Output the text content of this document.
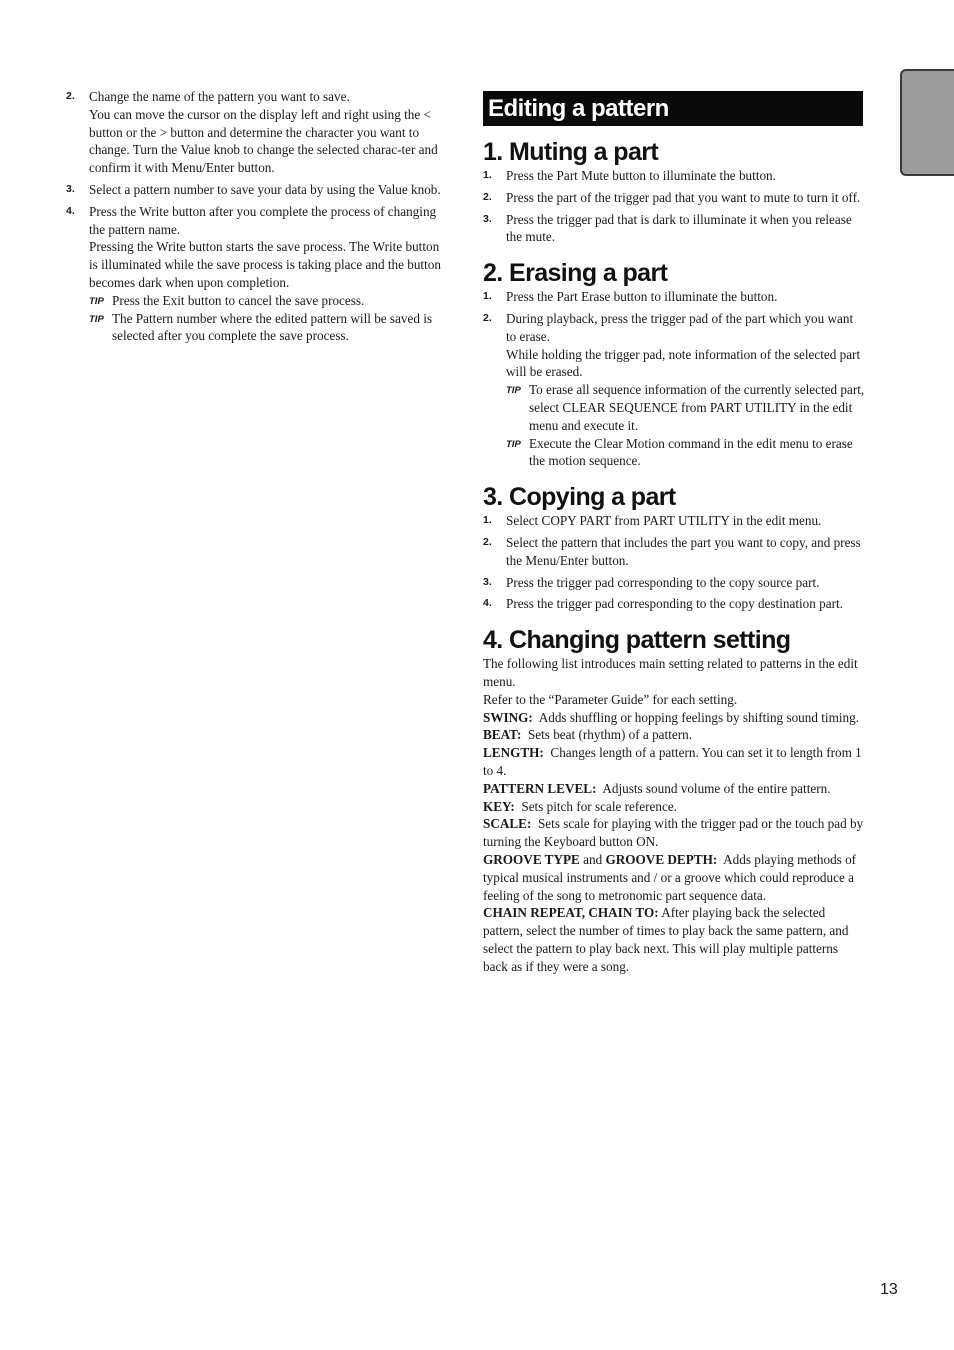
2. Change the name of the pattern you want to save.
You can move the cursor on the display left and right using the < button or the > button and determine the character you want to change. Turn the Value knob to change the selected charac-ter and confirm it with Menu/Enter button.
3. Select a pattern number to save your data by using the Value knob.
4. Press the Write button after you complete the process of changing the pattern name.
Pressing the Write button starts the save process. The Write button is illuminated while the save process is taking place and the button becomes dark when upon completion.
TIP Press the Exit button to cancel the save process.
TIP The Pattern number where the edited pattern will be saved is selected after you complete the save process.
Editing a pattern
1. Muting a part
1. Press the Part Mute button to illuminate the button.
2. Press the part of the trigger pad that you want to mute to turn it off.
3. Press the trigger pad that is dark to illuminate it when you release the mute.
2. Erasing a part
1. Press the Part Erase button to illuminate the button.
2. During playback, press the trigger pad of the part which you want to erase.
While holding the trigger pad, note information of the selected part will be erased.
TIP To erase all sequence information of the currently selected part, select CLEAR SEQUENCE from PART UTILITY in the edit menu and execute it.
TIP Execute the Clear Motion command in the edit menu to erase the motion sequence.
3. Copying a part
1. Select COPY PART from PART UTILITY in the edit menu.
2. Select the pattern that includes the part you want to copy, and press the Menu/Enter button.
3. Press the trigger pad corresponding to the copy source part.
4. Press the trigger pad corresponding to the copy destination part.
4. Changing pattern setting

The following list introduces main setting related to patterns in the edit menu.

Refer to the “Parameter Guide” for each setting.

SWING: Adds shuffling or hopping feelings by shifting sound timing.

BEAT: Sets beat (rhythm) of a pattern.

LENGTH: Changes length of a pattern. You can set it to length from 1 to 4.

PATTERN LEVEL: Adjusts sound volume of the entire pattern.

KEY: Sets pitch for scale reference.

SCALE: Sets scale for playing with the trigger pad or the touch pad by turning the Keyboard button ON.

GROOVE TYPE and GROOVE DEPTH: Adds playing methods of typical musical instruments and / or a groove which could reproduce a feeling of the song to metronomic part sequence data.

CHAIN REPEAT, CHAIN TO: After playing back the selected pattern, select the number of times to play back the same pattern, and select the pattern to play back next. This will play multiple patterns back as if they were a song.

13
